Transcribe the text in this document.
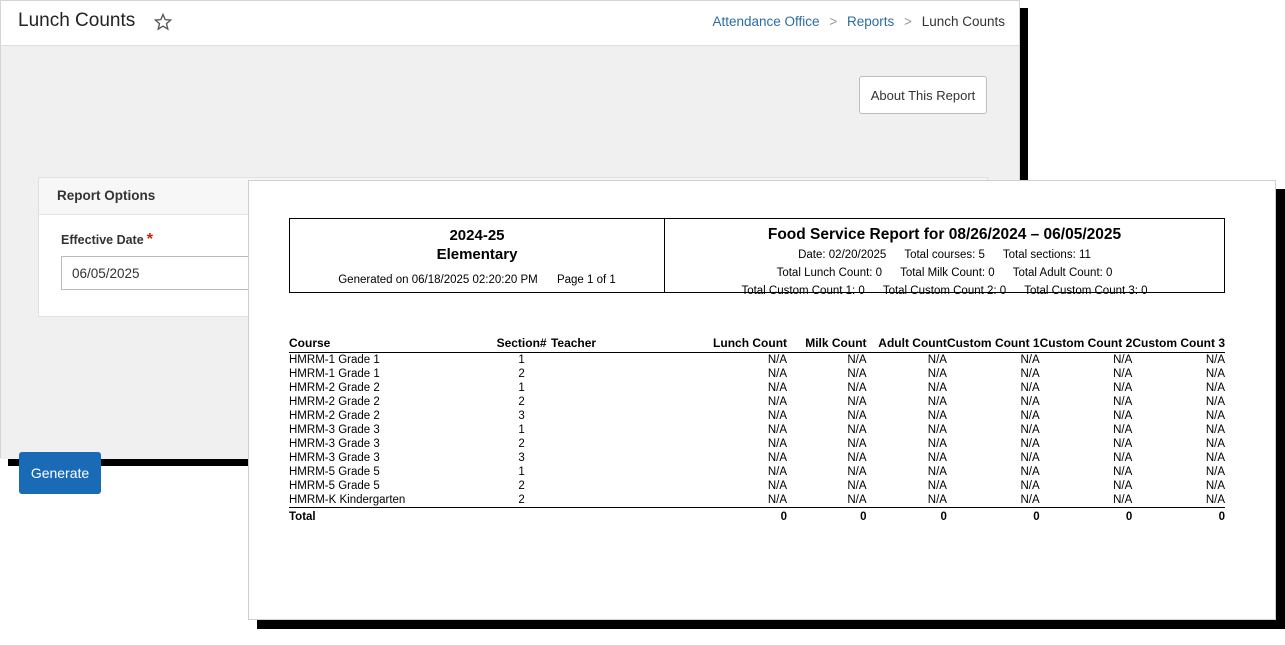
Lunch Counts	Attendance Office > Reports > Lunch Counts
About This Report
Report Options
Effective Date *
06/05/2025
Generate
2024-25
Elementary
Generated on 06/18/2025 02:20:20 PM Page 1 of 1
Food Service Report for 08/26/2024 – 06/05/2025
Date: 02/20/2025 Total courses: 5 Total sections: 11
Total Lunch Count: 0 Total Milk Count: 0 Total Adult Count: 0
Total Custom Count 1: 0 Total Custom Count 2: 0 Total Custom Count 3: 0
Course	Section#	Teacher	Lunch Count	Milk Count	Adult Count	Custom Count 1	Custom Count 2	Custom Count 3
HMRM-1 Grade 1	1		N/A	N/A	N/A	N/A	N/A	N/A
HMRM-1 Grade 1	2		N/A	N/A	N/A	N/A	N/A	N/A
HMRM-2 Grade 2	1		N/A	N/A	N/A	N/A	N/A	N/A
HMRM-2 Grade 2	2		N/A	N/A	N/A	N/A	N/A	N/A
HMRM-2 Grade 2	3		N/A	N/A	N/A	N/A	N/A	N/A
HMRM-3 Grade 3	1		N/A	N/A	N/A	N/A	N/A	N/A
HMRM-3 Grade 3	2		N/A	N/A	N/A	N/A	N/A	N/A
HMRM-3 Grade 3	3		N/A	N/A	N/A	N/A	N/A	N/A
HMRM-5 Grade 5	1		N/A	N/A	N/A	N/A	N/A	N/A
HMRM-5 Grade 5	2		N/A	N/A	N/A	N/A	N/A	N/A
HMRM-K Kindergarten	2		N/A	N/A	N/A	N/A	N/A	N/A
Total			0	0	0	0	0	0
